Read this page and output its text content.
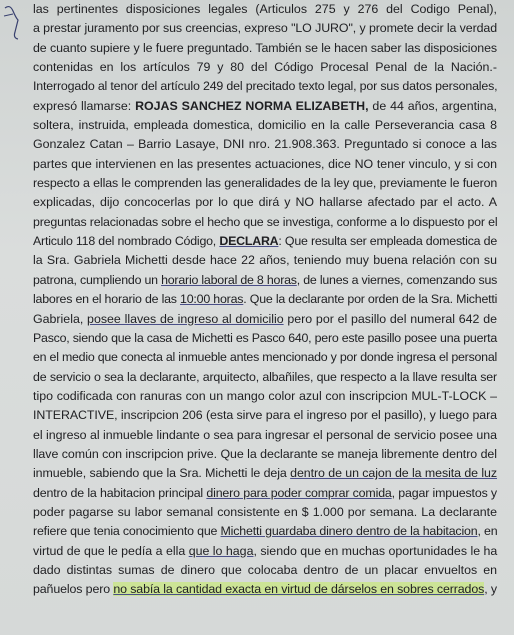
las pertinentes disposiciones legales (Articulos 275 y 276 del Codigo Penal),
a prestar juramento por sus creencias, expreso "LO JURO", y promete decir la verdad
de cuanto supiere y le fuere preguntado. También se le hacen saber las disposiciones
contenidas en los artículos 79 y 80 del Código Procesal Penal de la Nación.-
Interrogado al tenor del artículo 249 del precitado texto legal, por sus datos personales,
expresó llamarse: ROJAS SANCHEZ NORMA ELIZABETH, de 44 años, argentina,
soltera, instruida, empleada domestica, domicilio en la calle Perseverancia casa 8
Gonzalez Catan – Barrio Lasaye, DNI nro. 21.908.363. Preguntado si conoce a las
partes que intervienen en las presentes actuaciones, dice NO tener vinculo, y si con
respecto a ellas le comprenden las generalidades de la ley que, previamente le fueron
explicadas, dijo concocerlas por lo que dirá y NO hallarse afectado par el acto. A
preguntas relacionadas sobre el hecho que se investiga, conforme a lo dispuesto por el
Articulo 118 del nombrado Código, DECLARA: Que resulta ser empleada domestica de
la Sra. Gabriela Michetti desde hace 22 años, teniendo muy buena relación con su
patrona, cumpliendo un horario laboral de 8 horas, de lunes a viernes, comenzando sus
labores en el horario de las 10:00 horas. Que la declarante por orden de la Sra. Michetti
Gabriela, posee llaves de ingreso al domicilio pero por el pasillo del numeral 642 de
Pasco, siendo que la casa de Michetti es Pasco 640, pero este pasillo posee una puerta
en el medio que conecta al inmueble antes mencionado y por donde ingresa el personal
de servicio o sea la declarante, arquitecto, albañiles, que respecto a la llave resulta ser
tipo codificada con ranuras con un mango color azul con inscripcion MUL-T-LOCK –
INTERACTIVE, inscripcion 206 (esta sirve para el ingreso por el pasillo), y luego para
el ingreso al inmueble lindante o sea para ingresar el personal de servicio posee una
llave común con inscripcion prive. Que la declarante se maneja libremente dentro del
inmueble, sabiendo que la Sra. Michetti le deja dentro de un cajon de la mesita de luz
dentro de la habitacion principal dinero para poder comprar comida, pagar impuestos y
poder pagarse su labor semanal consistente en $ 1.000 por semana. La declarante
refiere que tenia conocimiento que Michetti guardaba dinero dentro de la habitacion, en
virtud de que le pedía a ella que lo haga, siendo que en muchas oportunidades le ha
dado distintas sumas de dinero que colocaba dentro de un placar envueltos en
pañuelos pero no sabía la cantidad exacta en virtud de dárselos en sobres cerrados, y
